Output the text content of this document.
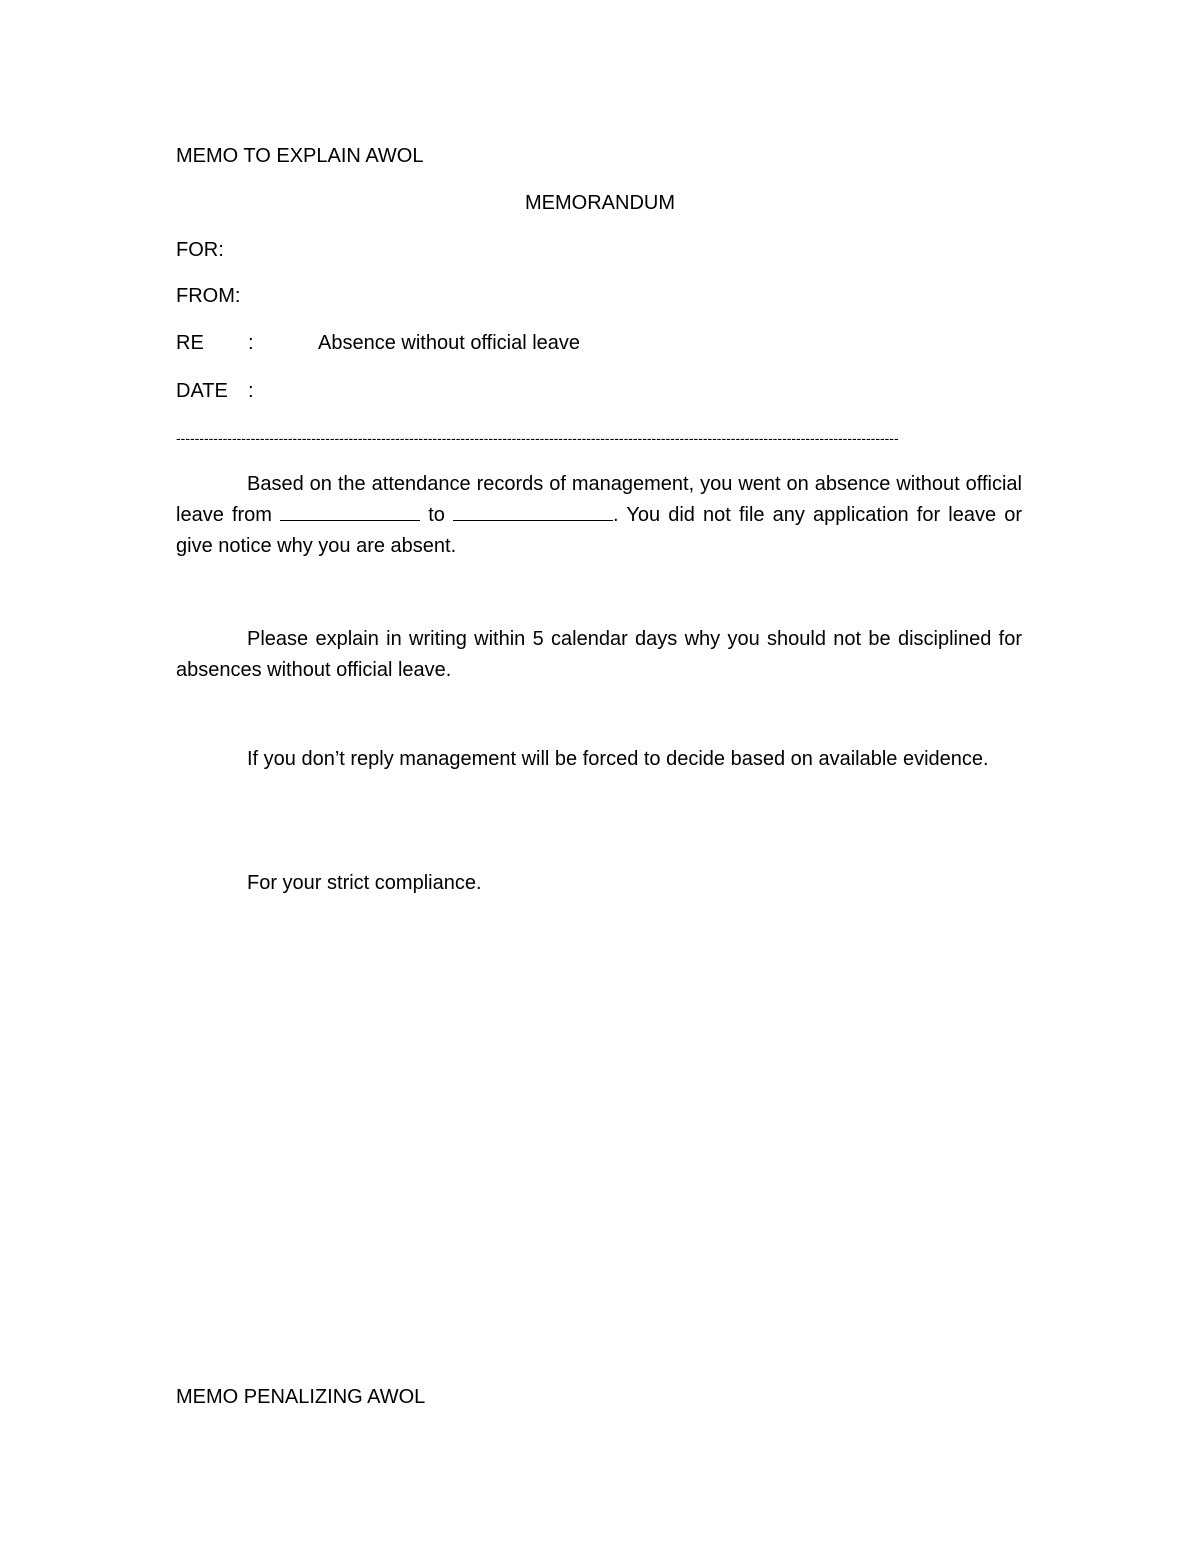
MEMO TO EXPLAIN AWOL
MEMORANDUM
FOR:
FROM:
RE :	Absence without official leave
DATE :
-----------------------------------------------------------------------------------------------------------------------------------------------------------
Based on the attendance records of management, you went on absence without official leave from	to	. You did not file any application for leave or give notice why you are absent.
Please explain in writing within 5 calendar days why you should not be disciplined for absences without official leave.
If you don’t reply management will be forced to decide based on available evidence.
For your strict compliance.
MEMO PENALIZING AWOL
